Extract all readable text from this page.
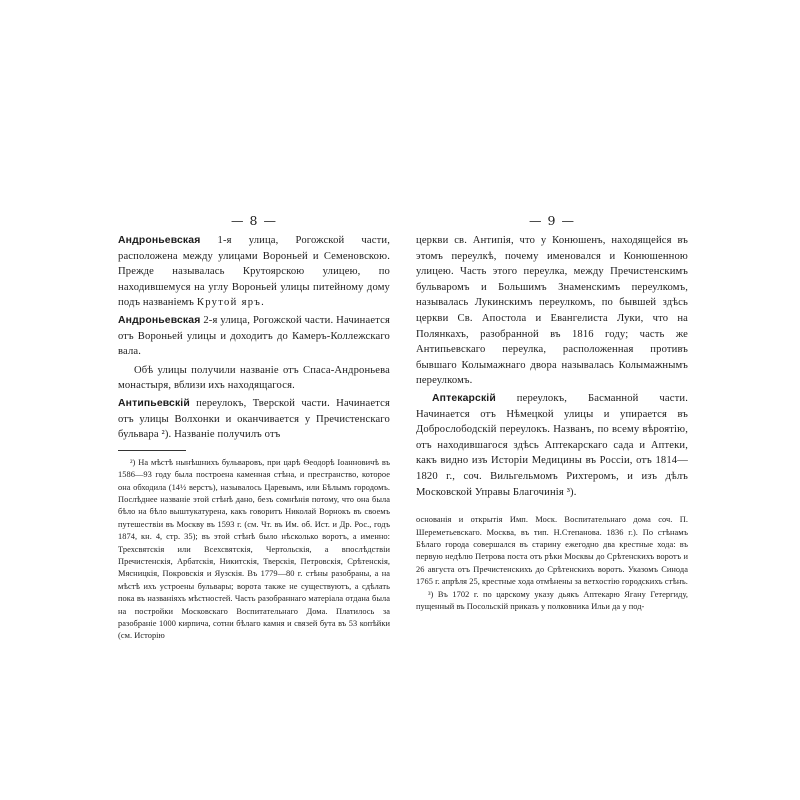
— 8 —

Андроньевская 1-я улица, Рогожской части, расположена между улицами Вороньей и Семеновскою. Прежде называлась Крутоярскою улицею, по находившемуся на углу Вороньей улицы питейному дому подъ названіемъ Крутой яръ.

Андроньевская 2-я улица, Рогожской части. Начинается отъ Вороньей улицы и доходитъ до Камеръ-Коллежскаго вала.

Обѣ улицы получили названіе отъ Спаса-Андроньева монастыря, вблизи ихъ находящагося.

Антипьевскій переулокъ, Тверской части. Начинается отъ улицы Волхонки и оканчивается у Пречистенскаго бульвара ²). Названіе получилъ отъ

²) На мѣстѣ нынѣшнихъ бульваровъ, при царѣ Ѳеодорѣ Іоанновичѣ въ 1586—93 году была построена каменная стѣна, и престранство, которое она обходила (14½ верстъ), называлось Царевымъ, или Бѣлымъ городомъ. Послѣднее названіе этой стѣнѣ дано, безъ сомнѣнія потому, что она была бѣло на бѣло выштукатурена, какъ говоритъ Николай Ворнокъ въ своемъ путешествіи въ Москву въ 1593 г. (см. Чт. въ Им. об. Ист. и Др. Рос., годъ 1874, кн. 4, стр. 35); въ этой стѣнѣ было нѣсколько воротъ, а именно: Трехсвятскія или Всехсвятскія, Чертольскія, а впослѣдствіи Пречистенскія, Арбатскія, Никитскія, Тверскія, Петровскія, Срѣтенскія, Мясницкія, Покровскія и Яузскія. Въ 1779—80 г. стѣны разобраны, а на мѣстѣ ихъ устроены бульвары; ворота также не существуютъ, а сдѣлать пока въ названіяхъ мѣстностей. Часть разобраннаго матеріала отдана была на постройки Московскаго Воспитательнаго Дома. Платилось за разобраніе 1000 кирпича, сотни бѣлаго камня и связей бута въ 53 копѣйки (см. Исторію

— 9 —

церкви св. Антипія, что у Конюшенъ, находящейся въ этомъ переулкѣ, почему именовался и Конюшенною улицею. Часть этого переулка, между Пречистенскимъ бульваромъ и Большимъ Знаменскимъ переулкомъ, называлась Лукинскимъ переулкомъ, по бывшей здѣсь церкви Св. Апостола и Евангелиста Луки, что на Полянкахъ, разобранной въ 1816 году; часть же Антипьевскаго переулка, расположенная противъ бывшаго Колымажнаго двора называлась Колымажнымъ переулкомъ.

Аптекарскій переулокъ, Басманной части. Начинается отъ Нѣмецкой улицы и упирается въ Доброслободскій переулокъ. Названъ, по всему вѣроятію, отъ находившагося здѣсь Аптекарскаго сада и Аптеки, какъ видно изъ Исторіи Медицины въ Россіи, отъ 1814—1820 г., соч. Вильгельмомъ Рихтеромъ, и изъ дѣлъ Московской Управы Благочинія ³).

основанія и открытія Имп. Моск. Воспитательнаго дома соч. П. Шереметьевскаго. Москва, въ тип. Н.Степанова. 1836 г.). По стѣнамъ Бѣлаго города совершался въ старину ежегодно два крестные хода: въ первую недѣлю Петрова поста отъ рѣки Москвы до Срѣтенскихъ воротъ и 26 августа отъ Пречистенскихъ до Срѣтенскихъ воротъ. Указомъ Синода 1765 г. апрѣля 25, крестные хода отмѣнены за ветхостію городскихъ стѣнъ.

³) Въ 1702 г. по царскому указу дьякъ Аптекарю Ягану Гетергиду, пущенный въ Посольскій приказъ у полковника Ильи да у под-
